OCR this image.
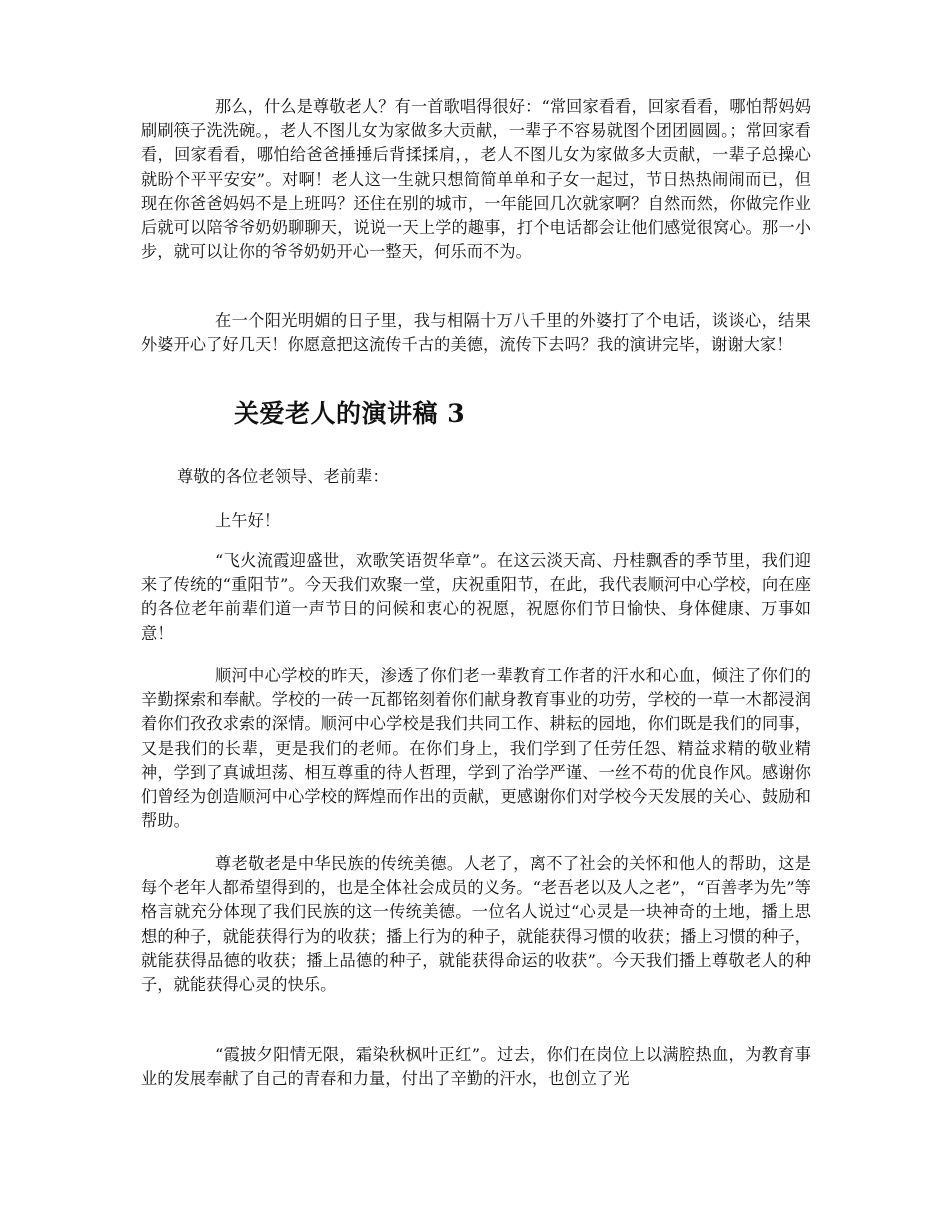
那么，什么是尊敬老人？有一首歌唱得很好：“常回家看看，回家看看，哪怕帮妈妈刷刷筷子洗洗碗。，老人不图儿女为家做多大贡献，一辈子不容易就图个团团圆圆。；常回家看看，回家看看，哪怕给爸爸捶捶后背揉揉肩，，老人不图儿女为家做多大贡献，一辈子总操心就盼个平平安安”。对啊！老人这一生就只想简简单单和子女一起过，节日热热闹闹而已，但现在你爸爸妈妈不是上班吗？还住在别的城市，一年能回几次就家啊？自然而然，你做完作业后就可以陪爷爷奶奶聊聊天，说说一天上学的趣事，打个电话都会让他们感觉很窝心。那一小步，就可以让你的爷爷奶奶开心一整天，何乐而不为。

在一个阳光明媚的日子里，我与相隔十万八千里的外婆打了个电话，谈谈心，结果外婆开心了好几天！你愿意把这流传千古的美德，流传下去吗？我的演讲完毕，谢谢大家！

关爱老人的演讲稿 3

尊敬的各位老领导、老前辈：

上午好！

“飞火流霞迎盛世，欢歌笑语贺华章”。在这云淡天高、丹桂飘香的季节里，我们迎来了传统的“重阳节”。今天我们欢聚一堂，庆祝重阳节，在此，我代表顺河中心学校，向在座的各位老年前辈们道一声节日的问候和衷心的祝愿，祝愿你们节日愉快、身体健康、万事如意！

顺河中心学校的昨天，渗透了你们老一辈教育工作者的汗水和心血，倾注了你们的辛勤探索和奉献。学校的一砖一瓦都铭刻着你们献身教育事业的功劳，学校的一草一木都浸润着你们孜孜求索的深情。顺河中心学校是我们共同工作、耕耘的园地，你们既是我们的同事，又是我们的长辈，更是我们的老师。在你们身上，我们学到了任劳任怨、精益求精的敬业精神，学到了真诚坦荡、相互尊重的待人哲理，学到了治学严谨、一丝不苟的优良作风。感谢你们曾经为创造顺河中心学校的辉煌而作出的贡献，更感谢你们对学校今天发展的关心、鼓励和帮助。

尊老敬老是中华民族的传统美德。人老了，离不了社会的关怀和他人的帮助，这是每个老年人都希望得到的，也是全体社会成员的义务。“老吾老以及人之老”，“百善孝为先”等格言就充分体现了我们民族的这一传统美德。一位名人说过“心灵是一块神奇的土地，播上思想的种子，就能获得行为的收获；播上行为的种子，就能获得习惯的收获；播上习惯的种子，就能获得品德的收获；播上品德的种子，就能获得命运的收获”。今天我们播上尊敬老人的种子，就能获得心灵的快乐。

“霞披夕阳情无限，霜染秋枫叶正红”。过去，你们在岗位上以满腔热血，为教育事业的发展奉献了自己的青春和力量，付出了辛勤的汗水，也创立了光
